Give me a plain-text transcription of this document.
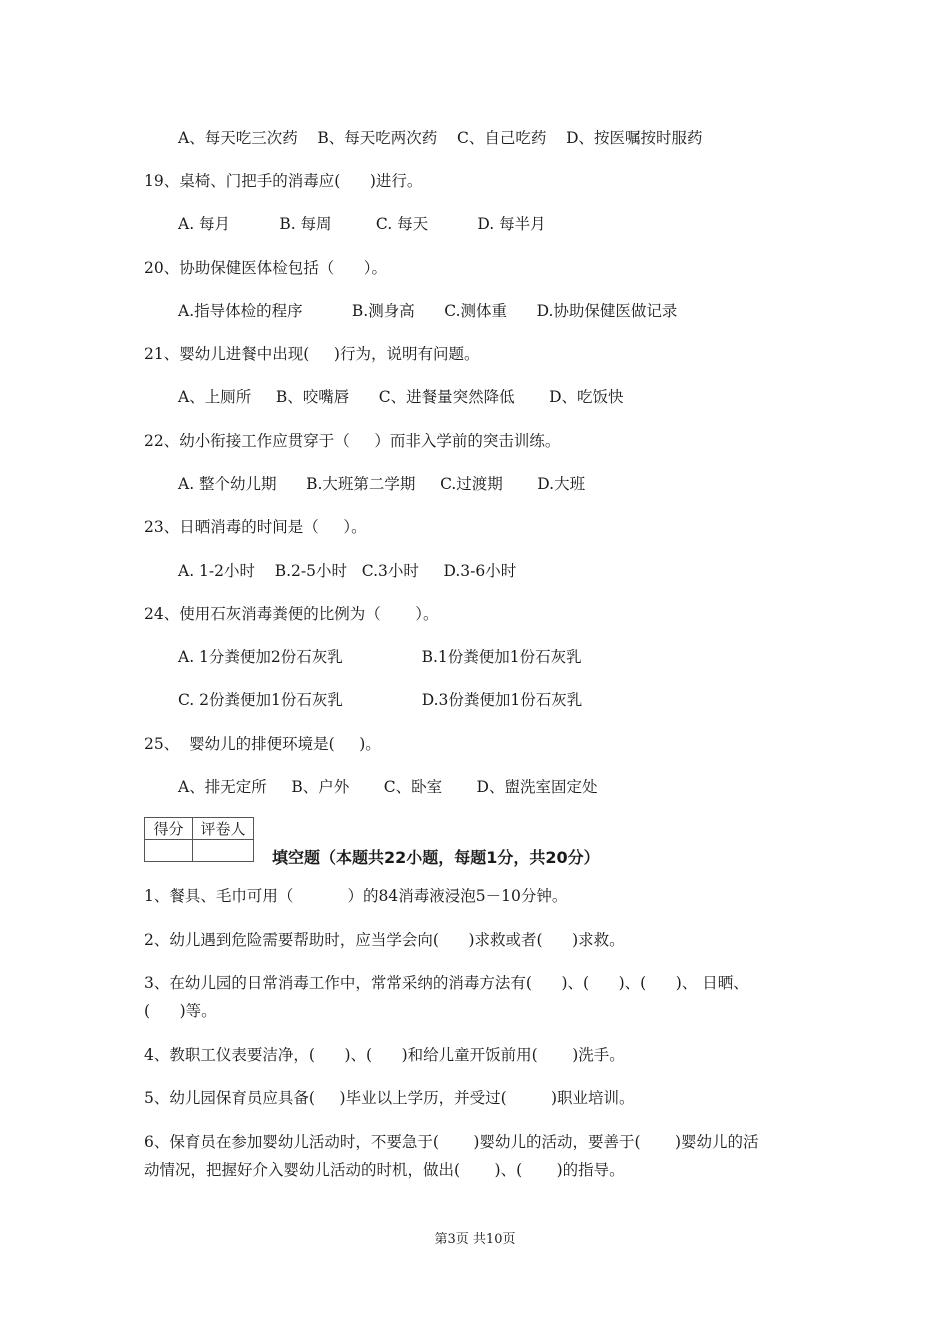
A、每天吃三次药    B、每天吃两次药    C、自己吃药    D、按医嘱按时服药
19、桌椅、门把手的消毒应(      )进行。
A. 每月          B. 每周         C. 每天          D. 每半月
20、协助保健医体检包括（      ）。
A.指导体检的程序          B.测身高      C.测体重      D.协助保健医做记录
21、婴幼儿进餐中出现(     )行为，说明有问题。
A、上厕所     B、咬嘴唇      C、进餐量突然降低       D、吃饭快
22、幼小衔接工作应贯穿于（     ）而非入学前的突击训练。
A. 整个幼儿期      B.大班第二学期     C.过渡期       D.大班
23、日晒消毒的时间是（     ）。
A. 1-2小时    B.2-5小时   C.3小时     D.3-6小时
24、使用石灰消毒粪便的比例为（       ）。
A. 1分粪便加2份石灰乳                B.1份粪便加1份石灰乳
C. 2份粪便加1份石灰乳                D.3份粪便加1份石灰乳
25、  婴幼儿的排便环境是(     )。
A、排无定所     B、户外       C、卧室       D、盥洗室固定处
得分	评卷人

填空题（本题共22小题，每题1分，共20分）
1、餐具、毛巾可用（           ）的84消毒液浸泡5－10分钟。
2、幼儿遇到危险需要帮助时，应当学会向(      )求救或者(      )求救。
3、在幼儿园的日常消毒工作中，常常采纳的消毒方法有(      )、(      )、(      )、 日晒、
(      )等。
4、教职工仪表要洁净，(      )、(      )和给儿童开饭前用(       )洗手。
5、幼儿园保育员应具备(     )毕业以上学历，并受过(         )职业培训。
6、保育员在参加婴幼儿活动时，不要急于(       )婴幼儿的活动，要善于(       )婴幼儿的活
动情况，把握好介入婴幼儿活动的时机，做出(       )、(       )的指导。
第3页 共10页
